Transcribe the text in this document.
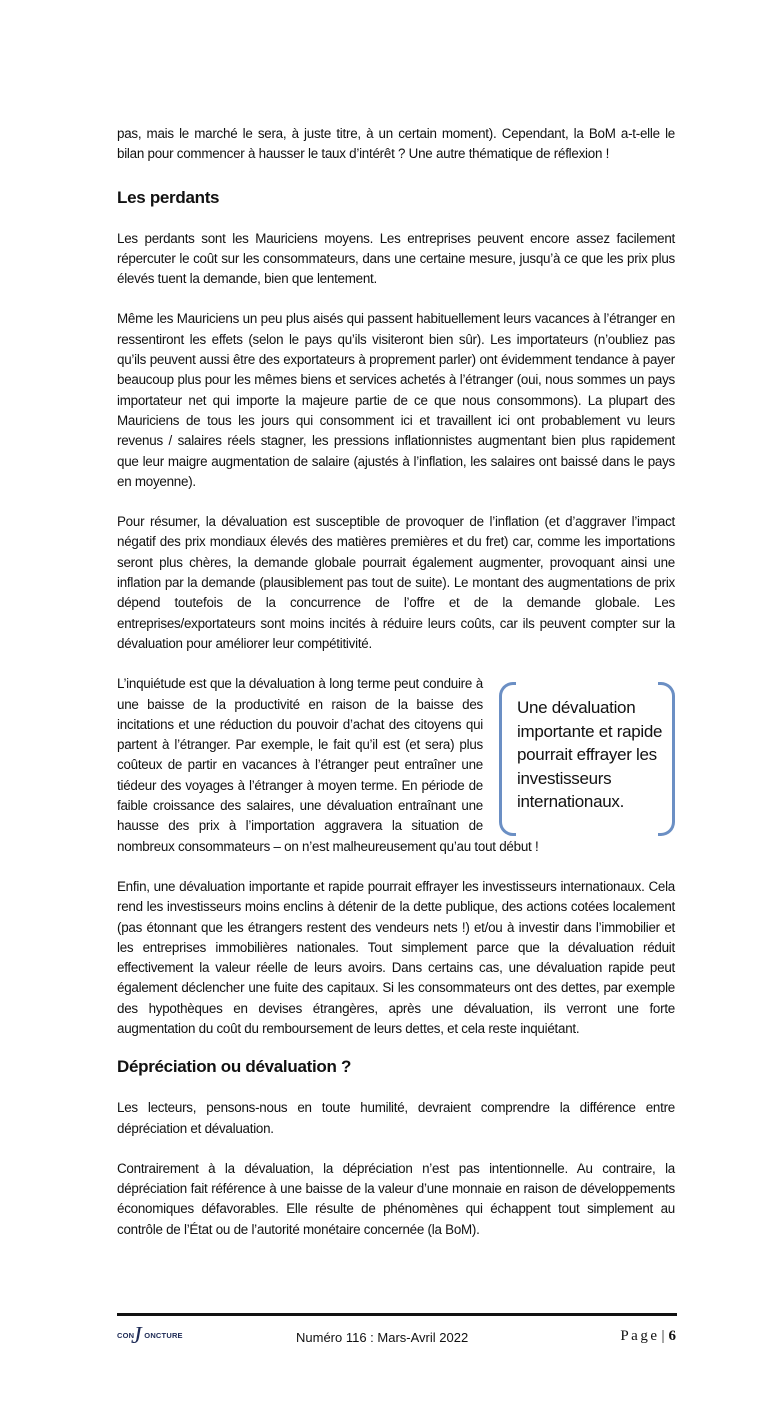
pas, mais le marché le sera, à juste titre, à un certain moment). Cependant, la BoM a-t-elle le bilan pour commencer à hausser le taux d’intérêt ? Une autre thématique de réflexion !

Les perdants

Les perdants sont les Mauriciens moyens. Les entreprises peuvent encore assez facilement répercuter le coût sur les consommateurs, dans une certaine mesure, jusqu’à ce que les prix plus élevés tuent la demande, bien que lentement.

Même les Mauriciens un peu plus aisés qui passent habituellement leurs vacances à l’étranger en ressentiront les effets (selon le pays qu’ils visiteront bien sûr). Les importateurs (n’oubliez pas qu’ils peuvent aussi être des exportateurs à proprement parler) ont évidemment tendance à payer beaucoup plus pour les mêmes biens et services achetés à l’étranger (oui, nous sommes un pays importateur net qui importe la majeure partie de ce que nous consommons). La plupart des Mauriciens de tous les jours qui consomment ici et travaillent ici ont probablement vu leurs revenus / salaires réels stagner, les pressions inflationnistes augmentant bien plus rapidement que leur maigre augmentation de salaire (ajustés à l’inflation, les salaires ont baissé dans le pays en moyenne).

Pour résumer, la dévaluation est susceptible de provoquer de l’inflation (et d’aggraver l’impact négatif des prix mondiaux élevés des matières premières et du fret) car, comme les importations seront plus chères, la demande globale pourrait également augmenter, provoquant ainsi une inflation par la demande (plausiblement pas tout de suite). Le montant des augmentations de prix dépend toutefois de la concurrence de l’offre et de la demande globale. Les entreprises/exportateurs sont moins incités à réduire leurs coûts, car ils peuvent compter sur la dévaluation pour améliorer leur compétitivité.

Une dévaluation importante et rapide pourrait effrayer les investisseurs internationaux.

L’inquiétude est que la dévaluation à long terme peut conduire à une baisse de la productivité en raison de la baisse des incitations et une réduction du pouvoir d’achat des citoyens qui partent à l’étranger. Par exemple, le fait qu’il est (et sera) plus coûteux de partir en vacances à l’étranger peut entraîner une tiédeur des voyages à l’étranger à moyen terme. En période de faible croissance des salaires, une dévaluation entraînant une hausse des prix à l’importation aggravera la situation de nombreux consommateurs – on n’est malheureusement qu’au tout début !

Enfin, une dévaluation importante et rapide pourrait effrayer les investisseurs internationaux. Cela rend les investisseurs moins enclins à détenir de la dette publique, des actions cotées localement (pas étonnant que les étrangers restent des vendeurs nets !) et/ou à investir dans l’immobilier et les entreprises immobilières nationales. Tout simplement parce que la dévaluation réduit effectivement la valeur réelle de leurs avoirs. Dans certains cas, une dévaluation rapide peut également déclencher une fuite des capitaux. Si les consommateurs ont des dettes, par exemple des hypothèques en devises étrangères, après une dévaluation, ils verront une forte augmentation du coût du remboursement de leurs dettes, et cela reste inquiétant.

Dépréciation ou dévaluation ?

Les lecteurs, pensons-nous en toute humilité, devraient comprendre la différence entre dépréciation et dévaluation.

Contrairement à la dévaluation, la dépréciation n’est pas intentionnelle. Au contraire, la dépréciation fait référence à une baisse de la valeur d’une monnaie en raison de développements économiques défavorables. Elle résulte de phénomènes qui échappent tout simplement au contrôle de l’État ou de l’autorité monétaire concernée (la BoM).

CON ONCTURE
J	Numéro 116 : Mars-Avril 2022	Page | 6
